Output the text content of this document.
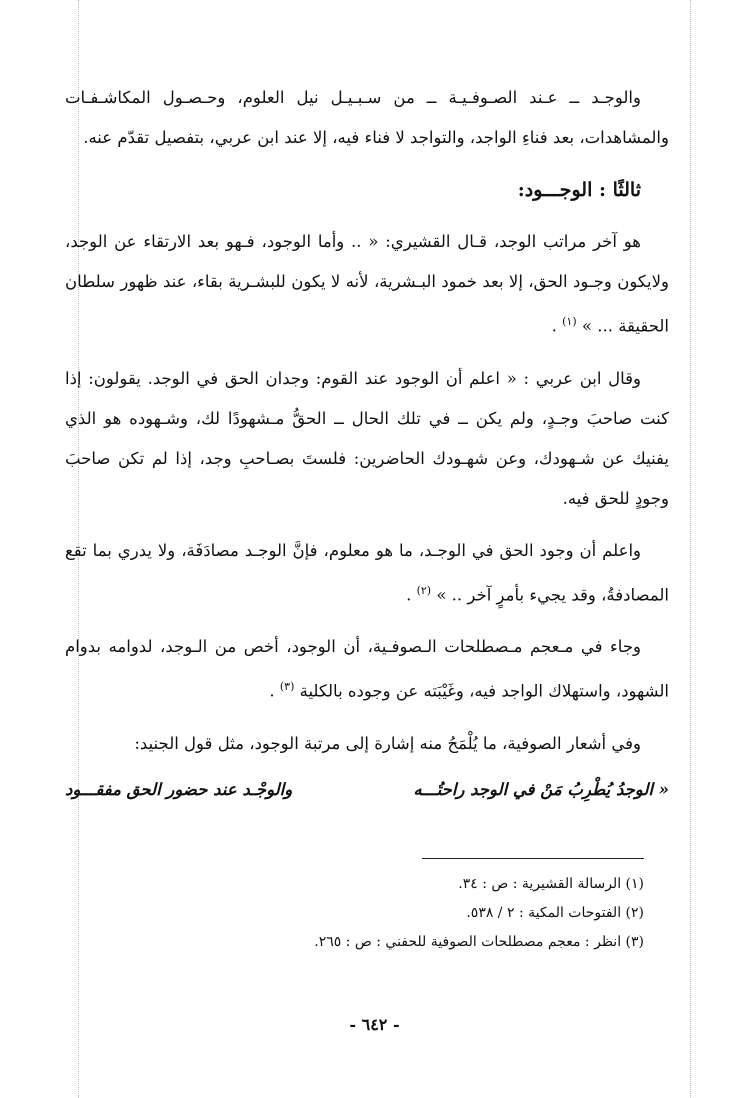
والوجـد ــ عـند الصـوفـيـة ــ من سـبـيـل نيل العلوم، وحـصـول المكاشـفـات والمشاهدات، بعد فناءِ الواجد، والتواجد لا فناء فيه، إلا عند ابن عربي، بتفصيل تقدّم عنه.

ثالثًا : الوجـــود:

هو آخر مراتب الوجد، قـال القشيري: « .. وأما الوجود، فـهو بعد الارتقاء عن الوجد، ولايكون وجـود الحق، إلا بعد خمود البـشرية، لأنه لا يكون للبشـرية بقاء، عند ظهور سلطان الحقيقة ... » $^{(١)}$ .

وقال ابن عربي : « اعلم أن الوجود عند القوم: وجدان الحق في الوجد. يقولون: إذا كنت صاحبَ وجـدٍ، ولم يكن ــ في تلك الحال ــ الحقُّ مـشهودًا لك، وشـهوده هو الذي يفنيك عن شـهودك، وعن شهـودك الحاضرين: فلستَ بصـاحبِ وجد، إذا لم تكن صاحبَ وجودٍ للحق فيه.

واعلم أن وجود الحق في الوجـد، ما هو معلوم، فإنَّ الوجـد مصادَفَة، ولا يدري بما تقع المصادفةُ، وقد يجيء بأمرٍ آخر .. » $^{(٢)}$ .

وجاء في مـعجم مـصطلحات الـصوفـية، أن الوجود، أخص من الـوجد، لدوامه بدوام الشهود، واستهلاك الواجد فيه، وغَيْبَته عن وجوده بالكلية $^{(٣)}$ .

وفي أشعار الصوفية، ما يُلْمَحُ منه إشارة إلى مرتبة الوجود، مثل قول الجنيد:

« الوجدُ يُطْرِبُ مَنْ في الوجد راحتُـــه
والوجْـد عند حضور الحق مفقـــود
(١) الرسالة القشيرية : ص : ٣٤.
(٢) الفتوحات المكية : ٢ / ٥٣٨.
(٣) انظر : معجم مصطلحات الصوفية للحفني : ص : ٢٦٥.
- ٦٤٢ -
